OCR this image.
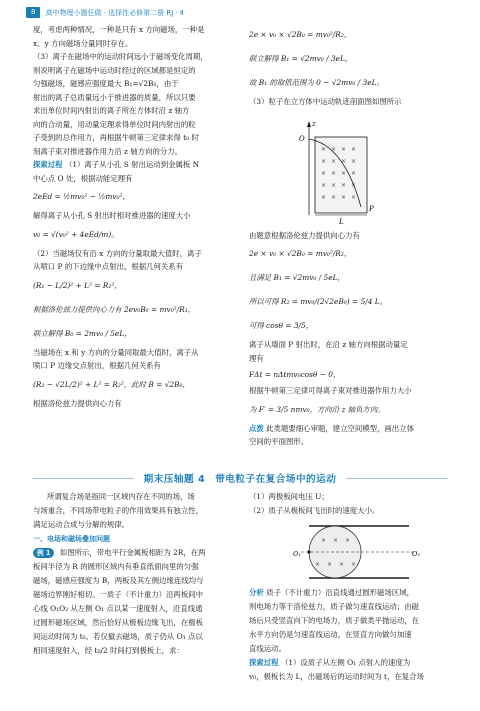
8	高中物理小题狂做 · 选择性必修第二册 RJ · Ⅱ
度，考虑两种情况，一种是只有 x 方向磁场，一种是
x、y 方向磁场分量同时存在。
（3）离子在磁场中的运动时间远小于磁场变化周期，
则说明离子在磁场中运动时经过的区域都是恒定的
匀强磁场，磁感应强度最大 B₁=√2B₀，由于
射出的离子总质量远小于推进器的质量，所以只要
求出单位时间内射出的离子所在方体时沿 z 轴方
向的合动量，用动量定理求得单位时间内射出的粒
子受到的总作用力，再根据牛顿第三定律求得 t₀ 时
刻离子束对推进器作用力沿 z 轴方向的分力。
探索过程 （1）离子从小孔 S 射出运动到金属板 N
中心点 O 处，根据动能定理有
2eEd = ½mv₀² − ½mv₀²，
解得离子从小孔 S 射出时相对推进器的速度大小
v₀ = √(v₀² + 4eEd/m)。
（2）当磁场仅有沿 x 方向的分量取最大值时，离子
从喷口 P 的下边缘中点射出，根据几何关系有
(R₁ − L/2)² + L² = R₁²，
根据洛伦兹力提供向心力有 2ev₀B₀ = mv₀²/R₁，
联立解得 B₀ = 2mv₀ / 5eL，
当磁场在 x 和 y 方向的分量同取最大值时，离子从
喷口 P 边缘交点射出，根据几何关系有
(R₂ − √2L/2)² + L² = R₂²，此时 B = √2B₀，
根据洛伦兹力提供向心力有
2e × v₀ × √2B₀ = mv₀²/R₂，
联立解得 B₁ = √2mv₀ / 3eL，
故 B₁ 的取值范围为 0 ~ √2mv₀ / 3eL。
（3）粒子在立方体中运动轨迹剖面图如图所示
z
O
× × × ×
× × × ×
× × × ×
× × × ×
× × × ×
L
P
由题意根据洛伦兹力提供向心力有
2e × v₀ × √2B₀ = mv₀²/R₂，
且满足 B₁ = √2mv₀ / 5eL，
所以可得 R₂ = mv₀/(2√2eB₀) = 5/4 L。
可得 cosθ = 3/5，
离子从墙面 P 射出时，在沿 z 轴方向根据动量定
理有
FΔt = nΔtmv₀cosθ − 0，
根据牛顿第三定律可得离子束对推进器作用力大小
为 F′ = 3/5 nmv₀，方向沿 z 轴负方向。
点拨 此类题要细心审题，建立空间模型，画出立体
空间的平面图形。
期末压轴题 4　带电粒子在复合场中的运动
所谓复合场是指同一区域内存在不同的场，场
与场重合，不同场带电粒子的作用效果具有独立性，
满足运动合成与分解的规律。
一、电场和磁场叠加问题
例 1 如图所示，带电平行金属板相距为 2R，在两
板间半径为 R 的圆形区域内有垂直纸面向里的匀强
磁场，磁感应强度为 B，两板及其左侧边缘连线均与
磁场边界刚好相切。一质子（不计重力）沿两板间中
心线 O₁O₂ 从左侧 O₁ 点以某一速度射入，沿直线通
过圆形磁场区域，然后恰好从极板边缘飞出，在极板
间运动时间为 t₀。若仅撤去磁场，质子仍从 O₁ 点以
相同速度射入，经 t₀/2 时间打到极板上，求：
（1）两极板间电压 U；
（2）质子从极板间飞出时的速度大小。
× × ×
× × × ×
O₁	O₂
分析 质子（不计重力）沿直线通过圆形磁场区域，
则电场力等于洛伦兹力，质子做匀速直线运动；由磁
场后只受竖直向下的电场力，质子做类平抛运动，在
水平方向仍是匀速直线运动，在竖直方向做匀加速
直线运动。
探索过程 （1）设质子从左侧 O₁ 点射入的速度为
v₀，极板长为 L，出磁场后的运动时间为 t，在复合场
